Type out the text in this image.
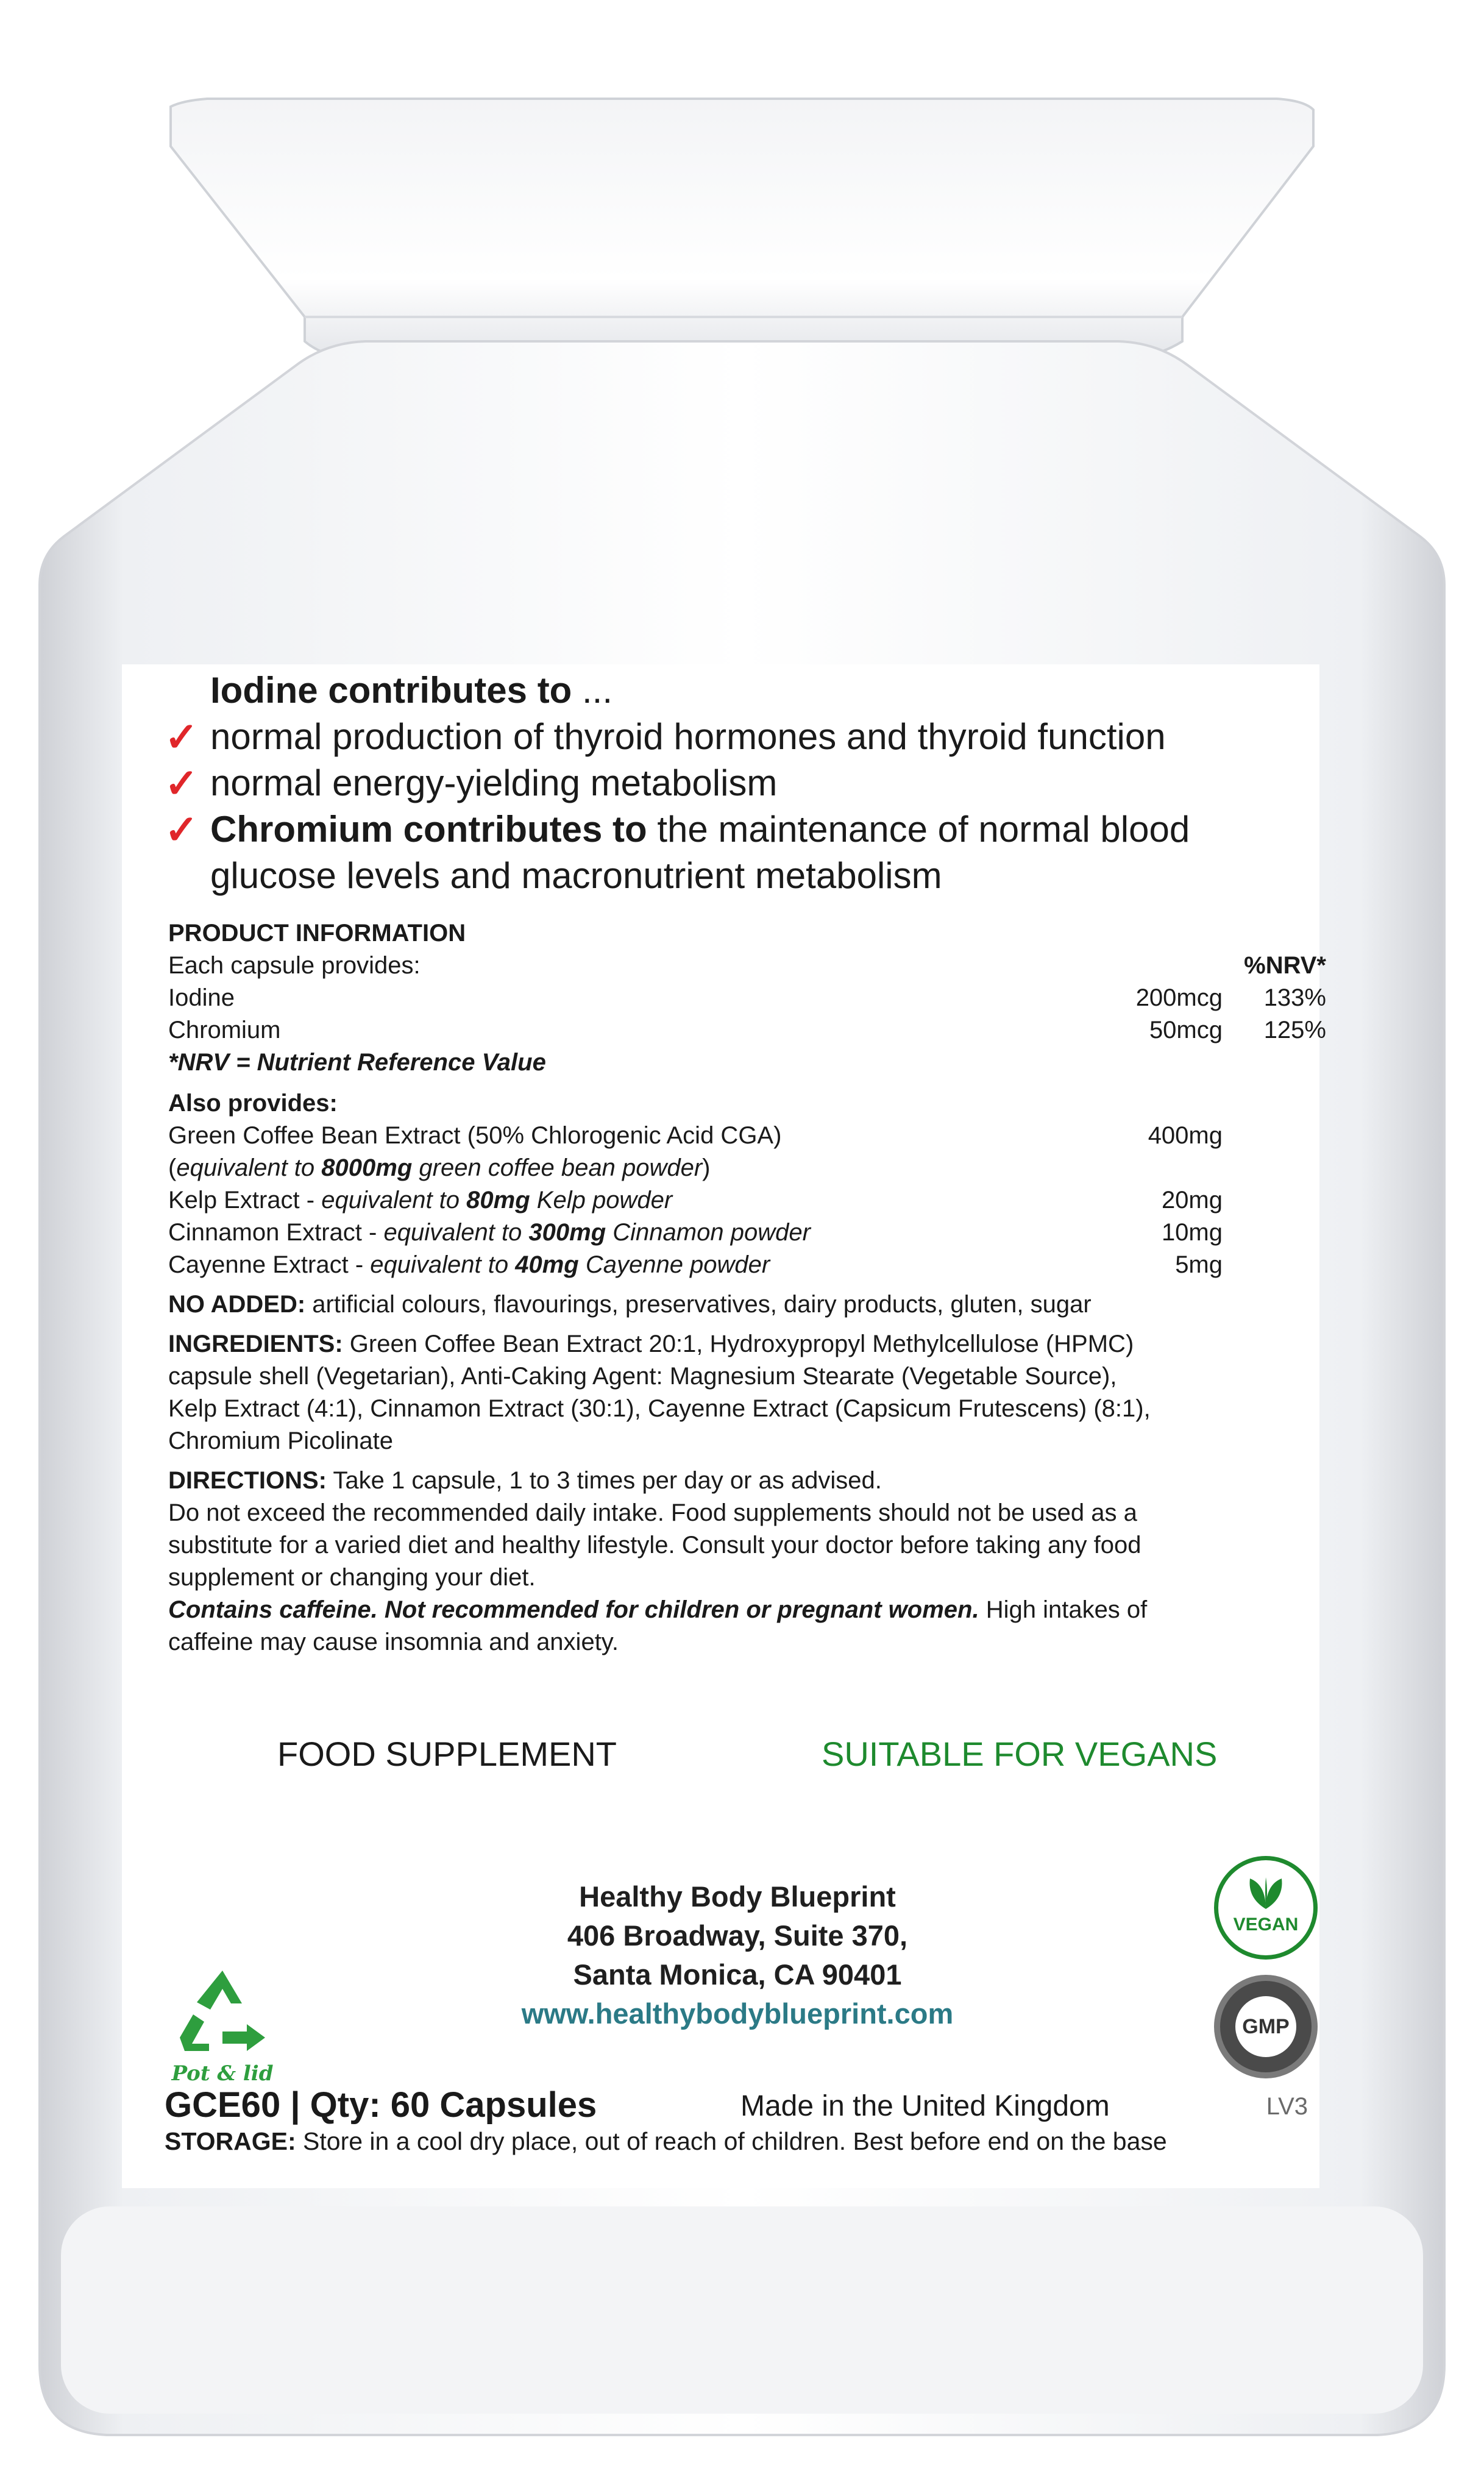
Iodine contributes to ...
✓ normal production of thyroid hormones and thyroid function
✓ normal energy-yielding metabolism
✓ Chromium contributes to the maintenance of normal blood
glucose levels and macronutrient metabolism
PRODUCT INFORMATION
Each capsule provides:	%NRV*
Iodine	200mcg 133%
Chromium	50mcg 125%
*NRV = Nutrient Reference Value
Also provides:
Green Coffee Bean Extract (50% Chlorogenic Acid CGA)	400mg
(equivalent to 8000mg green coffee bean powder)
Kelp Extract - equivalent to 80mg Kelp powder	20mg
Cinnamon Extract - equivalent to 300mg Cinnamon powder	10mg
Cayenne Extract - equivalent to 40mg Cayenne powder	5mg
NO ADDED: artificial colours, flavourings, preservatives, dairy products, gluten, sugar
INGREDIENTS: Green Coffee Bean Extract 20:1, Hydroxypropyl Methylcellulose (HPMC)
capsule shell (Vegetarian), Anti-Caking Agent: Magnesium Stearate (Vegetable Source),
Kelp Extract (4:1), Cinnamon Extract (30:1), Cayenne Extract (Capsicum Frutescens) (8:1),
Chromium Picolinate
DIRECTIONS: Take 1 capsule, 1 to 3 times per day or as advised.
Do not exceed the recommended daily intake. Food supplements should not be used as a
substitute for a varied diet and healthy lifestyle. Consult your doctor before taking any food
supplement or changing your diet.
Contains caffeine. Not recommended for children or pregnant women. High intakes of
caffeine may cause insomnia and anxiety.
FOOD SUPPLEMENT	SUITABLE FOR VEGANS
Healthy Body Blueprint
406 Broadway, Suite 370,
Santa Monica, CA 90401
www.healthybodyblueprint.com
Pot & lid
VEGAN
GMP
GCE60 | Qty: 60 Capsules	Made in the United Kingdom	LV3
STORAGE: Store in a cool dry place, out of reach of children. Best before end on the base
